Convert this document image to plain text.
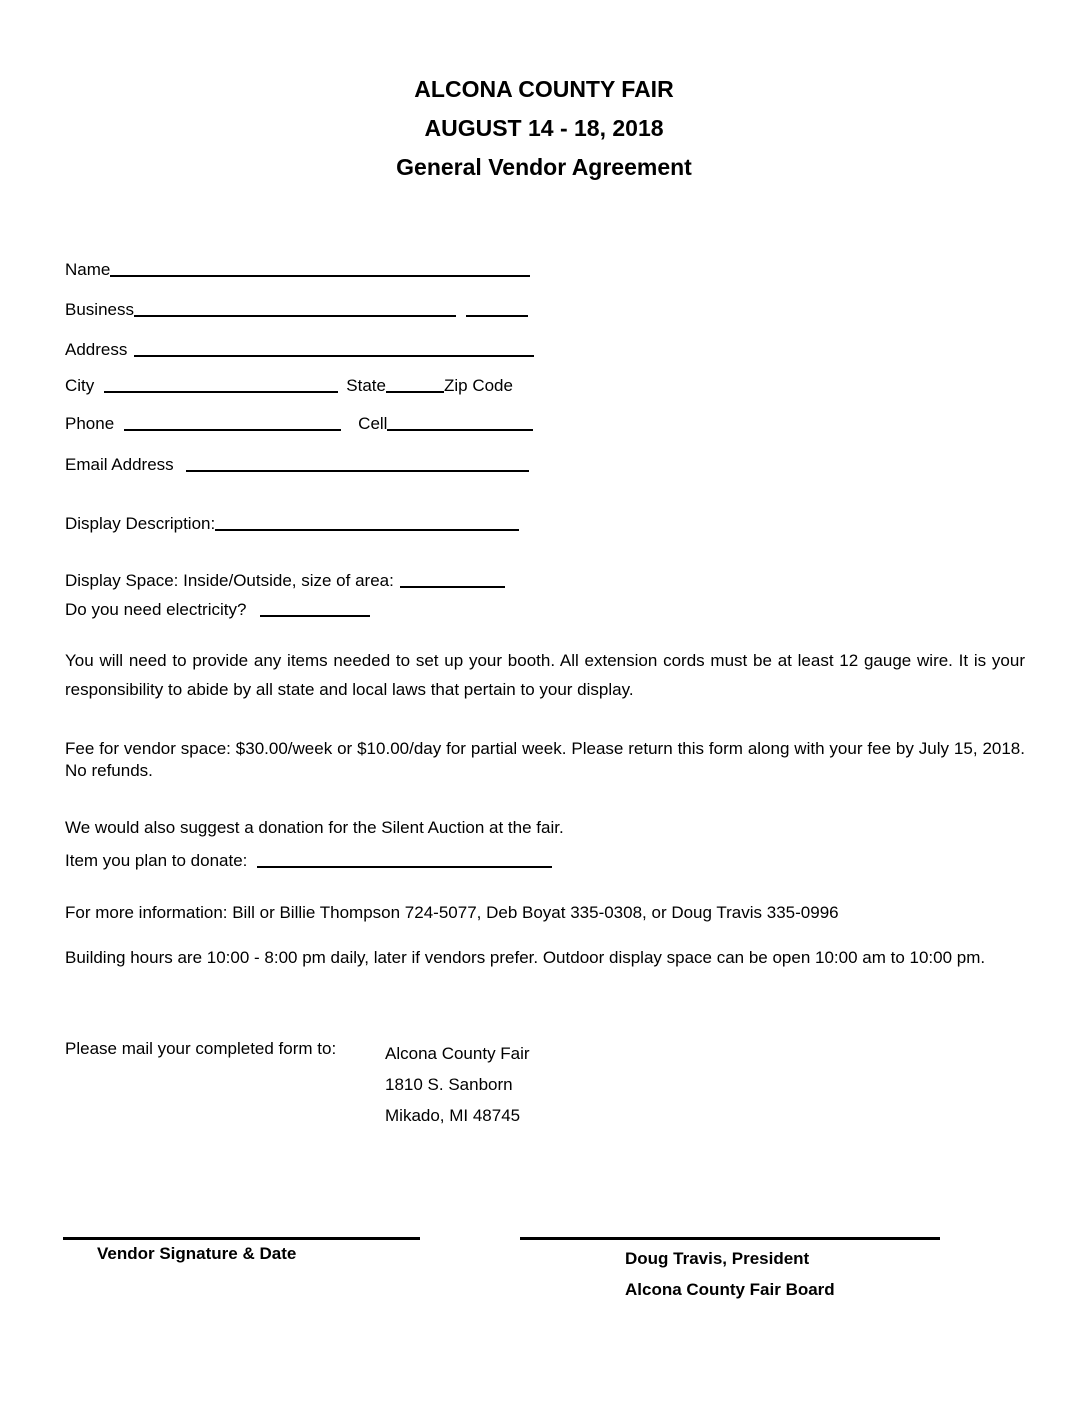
ALCONA COUNTY FAIR
AUGUST 14 - 18, 2018
General Vendor Agreement
Name
Business
Address
City	State	Zip Code
Phone	Cell
Email Address
Display Description:
Display Space: Inside/Outside, size of area:
Do you need electricity?

You will need to provide any items needed to set up your booth. All extension cords must be at least 12 gauge wire. It is your responsibility to abide by all state and local laws that pertain to your display.

Fee for vendor space: $30.00/week or $10.00/day for partial week. Please return this form along with your fee by July 15, 2018. No refunds.

We would also suggest a donation for the Silent Auction at the fair.

Item you plan to donate:

For more information: Bill or Billie Thompson 724-5077, Deb Boyat 335-0308, or Doug Travis 335-0996

Building hours are 10:00 - 8:00 pm daily, later if vendors prefer. Outdoor display space can be open 10:00 am to 10:00 pm.

Please mail your completed form to:	Alcona County Fair
1810 S. Sanborn
Mikado, MI 48745
Vendor Signature & Date	Doug Travis, President
Alcona County Fair Board
